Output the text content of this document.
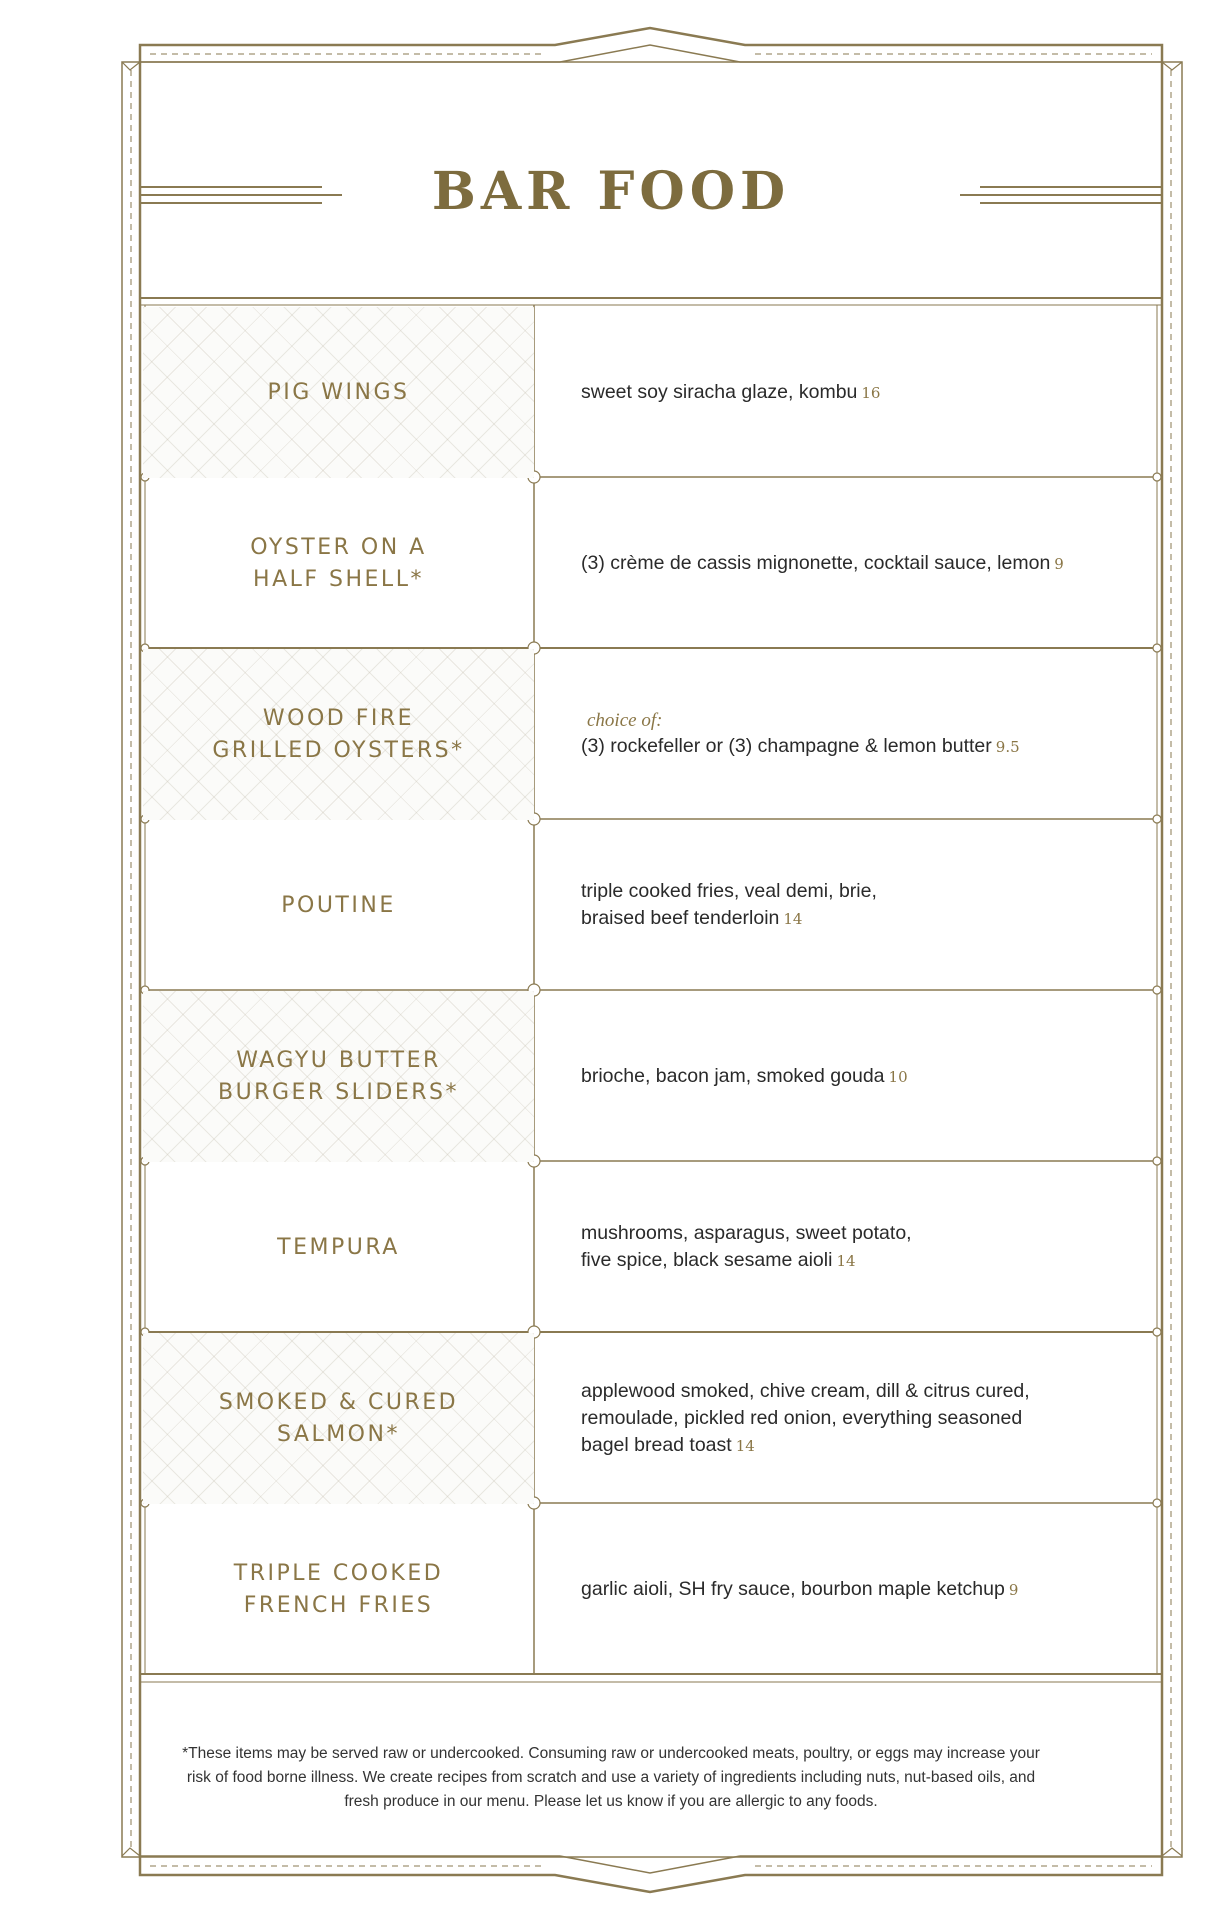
BAR FOOD
PIG WINGS	sweet soy siracha glaze, kombu 16
OYSTER ON A
HALF SHELL*
(3) crème de cassis mignonette, cocktail sauce, lemon 9
WOOD FIRE
GRILLED OYSTERS*
choice of:
(3) rockefeller or (3) champagne & lemon butter 9.5
POUTINE
triple cooked fries, veal demi, brie,
braised beef tenderloin 14
WAGYU BUTTER
BURGER SLIDERS*
brioche, bacon jam, smoked gouda 10
TEMPURA
mushrooms, asparagus, sweet potato,
five spice, black sesame aioli 14
SMOKED & CURED
SALMON*
applewood smoked, chive cream, dill & citrus cured,
remoulade, pickled red onion, everything seasoned
bagel bread toast 14
TRIPLE COOKED
FRENCH FRIES
garlic aioli, SH fry sauce, bourbon maple ketchup 9
*These items may be served raw or undercooked. Consuming raw or undercooked meats, poultry, or eggs may increase your risk of food borne illness. We create recipes from scratch and use a variety of ingredients including nuts, nut-based oils, and fresh produce in our menu. Please let us know if you are allergic to any foods.
